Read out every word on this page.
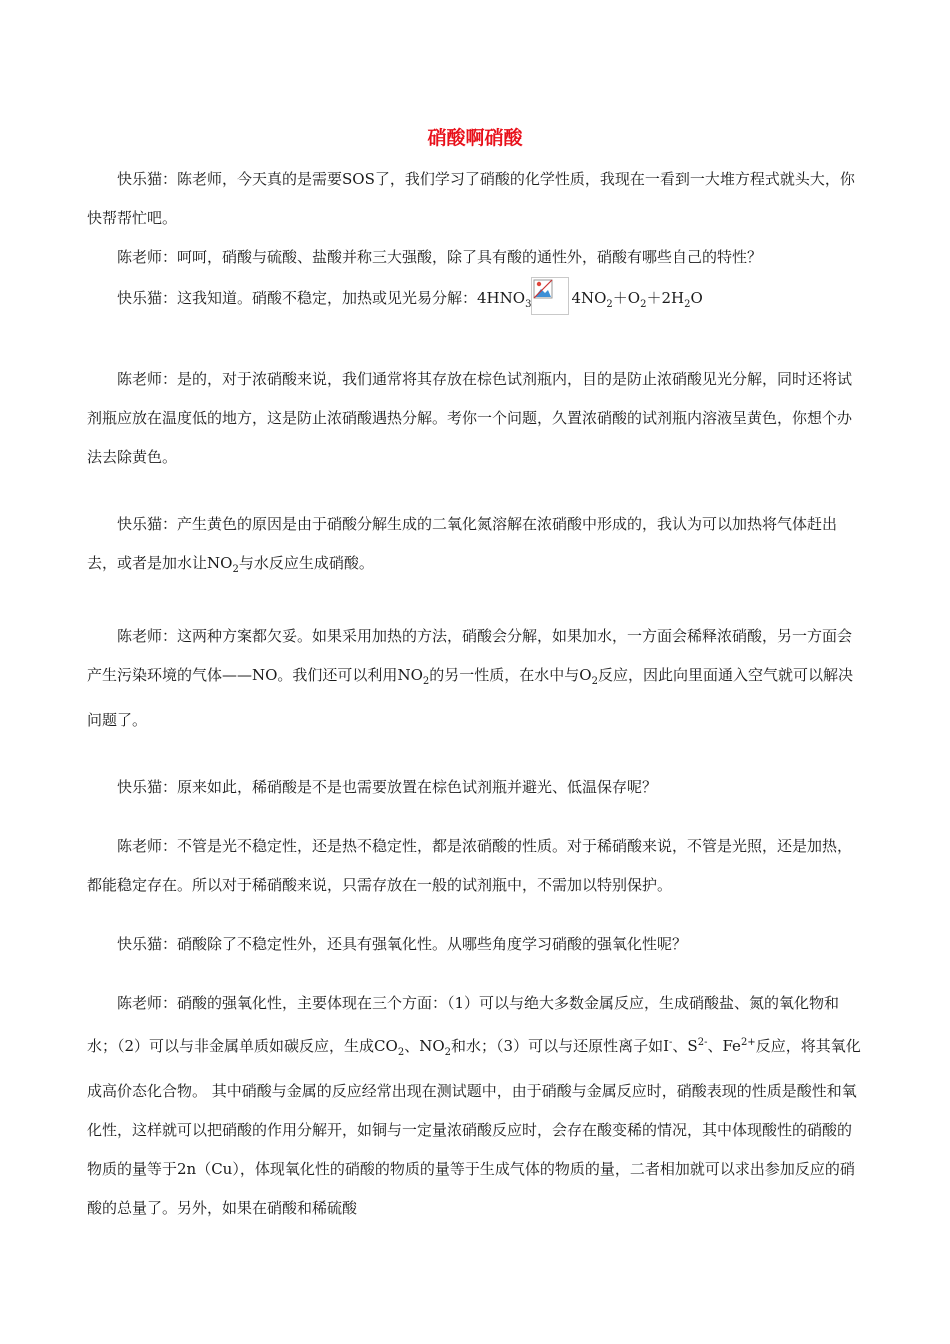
硝酸啊硝酸

快乐猫：陈老师，今天真的是需要SOS了，我们学习了硝酸的化学性质，我现在一看到一大堆方程式就头大，你快帮帮忙吧。

陈老师：呵呵，硝酸与硫酸、盐酸并称三大强酸，除了具有酸的通性外，硝酸有哪些自己的特性？

快乐猫：这我知道。硝酸不稳定，加热或见光易分解：$4HNO_3$	$4NO_2+O_2+2H_2O$

陈老师：是的，对于浓硝酸来说，我们通常将其存放在棕色试剂瓶内，目的是防止浓硝酸见光分解，同时还将试剂瓶应放在温度低的地方，这是防止浓硝酸遇热分解。考你一个问题，久置浓硝酸的试剂瓶内溶液呈黄色，你想个办法去除黄色。

快乐猫：产生黄色的原因是由于硝酸分解生成的二氧化氮溶解在浓硝酸中形成的，我认为可以加热将气体赶出去，或者是加水让$NO_2$与水反应生成硝酸。

陈老师：这两种方案都欠妥。如果采用加热的方法，硝酸会分解，如果加水，一方面会稀释浓硝酸，另一方面会产生污染环境的气体——NO。我们还可以利用$NO_2$的另一性质，在水中与$O_2$反应，因此向里面通入空气就可以解决问题了。

快乐猫：原来如此，稀硝酸是不是也需要放置在棕色试剂瓶并避光、低温保存呢？

陈老师：不管是光不稳定性，还是热不稳定性，都是浓硝酸的性质。对于稀硝酸来说，不管是光照，还是加热，都能稳定存在。所以对于稀硝酸来说，只需存放在一般的试剂瓶中，不需加以特别保护。

快乐猫：硝酸除了不稳定性外，还具有强氧化性。从哪些角度学习硝酸的强氧化性呢？

陈老师：硝酸的强氧化性，主要体现在三个方面：（1）可以与绝大多数金属反应，生成硝酸盐、氮的氧化物和水；（2）可以与非金属单质如碳反应，生成$CO_2$、$NO_2$和水；（3）可以与还原性离子如I-、$S^{2-}$、$Fe^{2+}$反应，将其氧化成高价态化合物。 其中硝酸与金属的反应经常出现在测试题中，由于硝酸与金属反应时，硝酸表现的性质是酸性和氧化性，这样就可以把硝酸的作用分解开，如铜与一定量浓硝酸反应时，会存在酸变稀的情况，其中体现酸性的硝酸的物质的量等于2n（Cu），体现氧化性的硝酸的物质的量等于生成气体的物质的量，二者相加就可以求出参加反应的硝酸的总量了。另外，如果在硝酸和稀硫酸
